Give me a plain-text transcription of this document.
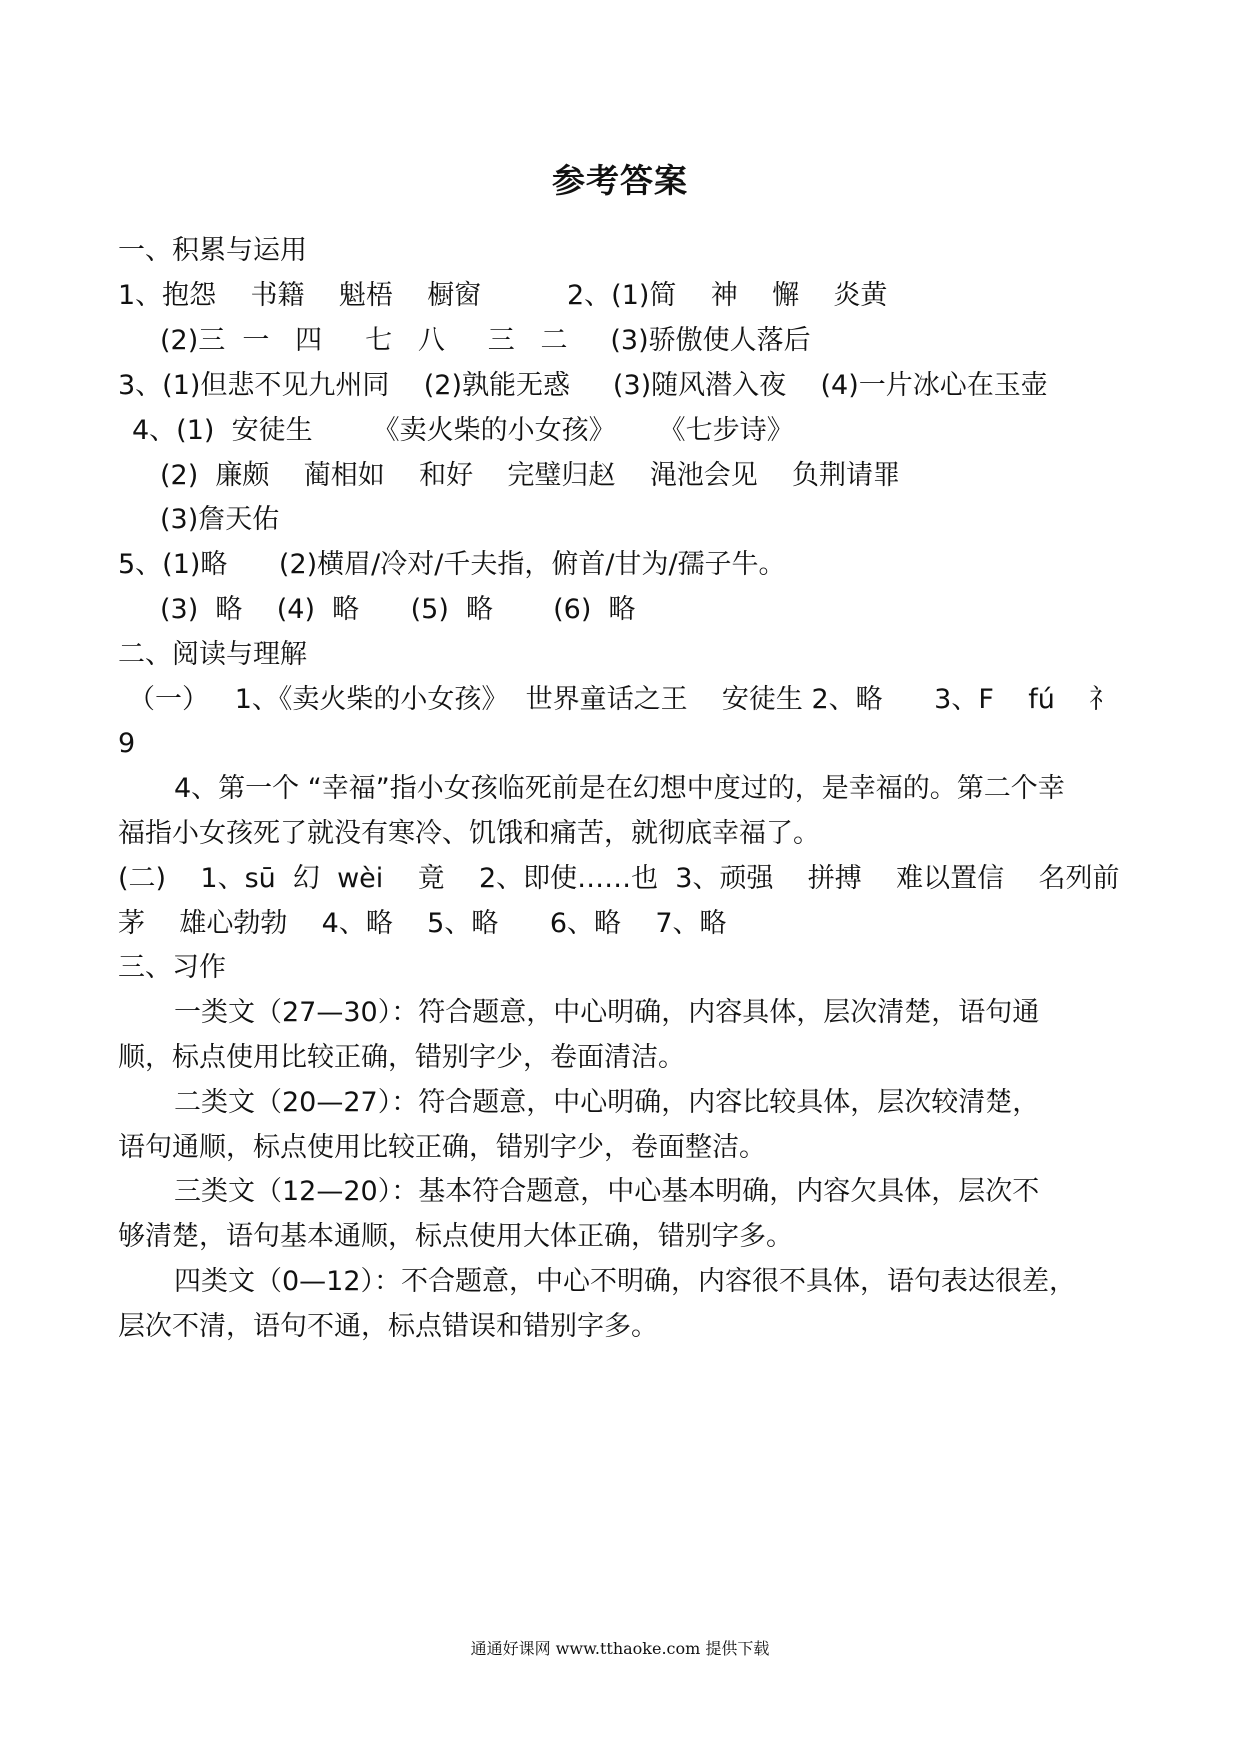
参考答案
一、积累与运用
1、抱怨    书籍    魁梧    橱窗          2、(1)简    神    懈    炎黄
(2)三  一   四     七   八     三   二     (3)骄傲使人落后
3、(1)但悲不见九州同    (2)孰能无惑     (3)随风潜入夜    (4)一片冰心在玉壶
4、(1)  安徒生       《卖火柴的小女孩》     《七步诗》
(2)  廉颇    蔺相如    和好    完璧归赵    渑池会见    负荆请罪
(3)詹天佑
5、(1)略      (2)横眉/冷对/千夫指，俯首/甘为/孺子牛。
(3)  略    (4)  略      (5)  略       (6)  略
二、阅读与理解
（一）   1、《卖火柴的小女孩》  世界童话之王    安徒生 2、略      3、F    fú    礻
9
4、第一个 “幸福”指小女孩临死前是在幻想中度过的，是幸福的。第二个幸
福指小女孩死了就没有寒冷、饥饿和痛苦，就彻底幸福了。
(二)    1、sū  幻  wèi    竟    2、即使……也  3、顽强    拼搏    难以置信    名列前
茅    雄心勃勃    4、略    5、略      6、略    7、略
三、习作
一类文（27—30）：符合题意，中心明确，内容具体，层次清楚，语句通
顺，标点使用比较正确，错别字少，卷面清洁。
二类文（20—27）：符合题意，中心明确，内容比较具体，层次较清楚，
语句通顺，标点使用比较正确，错别字少，卷面整洁。
三类文（12—20）：基本符合题意，中心基本明确，内容欠具体，层次不
够清楚，语句基本通顺，标点使用大体正确，错别字多。
四类文（0—12）：不合题意，中心不明确，内容很不具体，语句表达很差，
层次不清，语句不通，标点错误和错别字多。
通通好课网 www.tthaoke.com 提供下载
